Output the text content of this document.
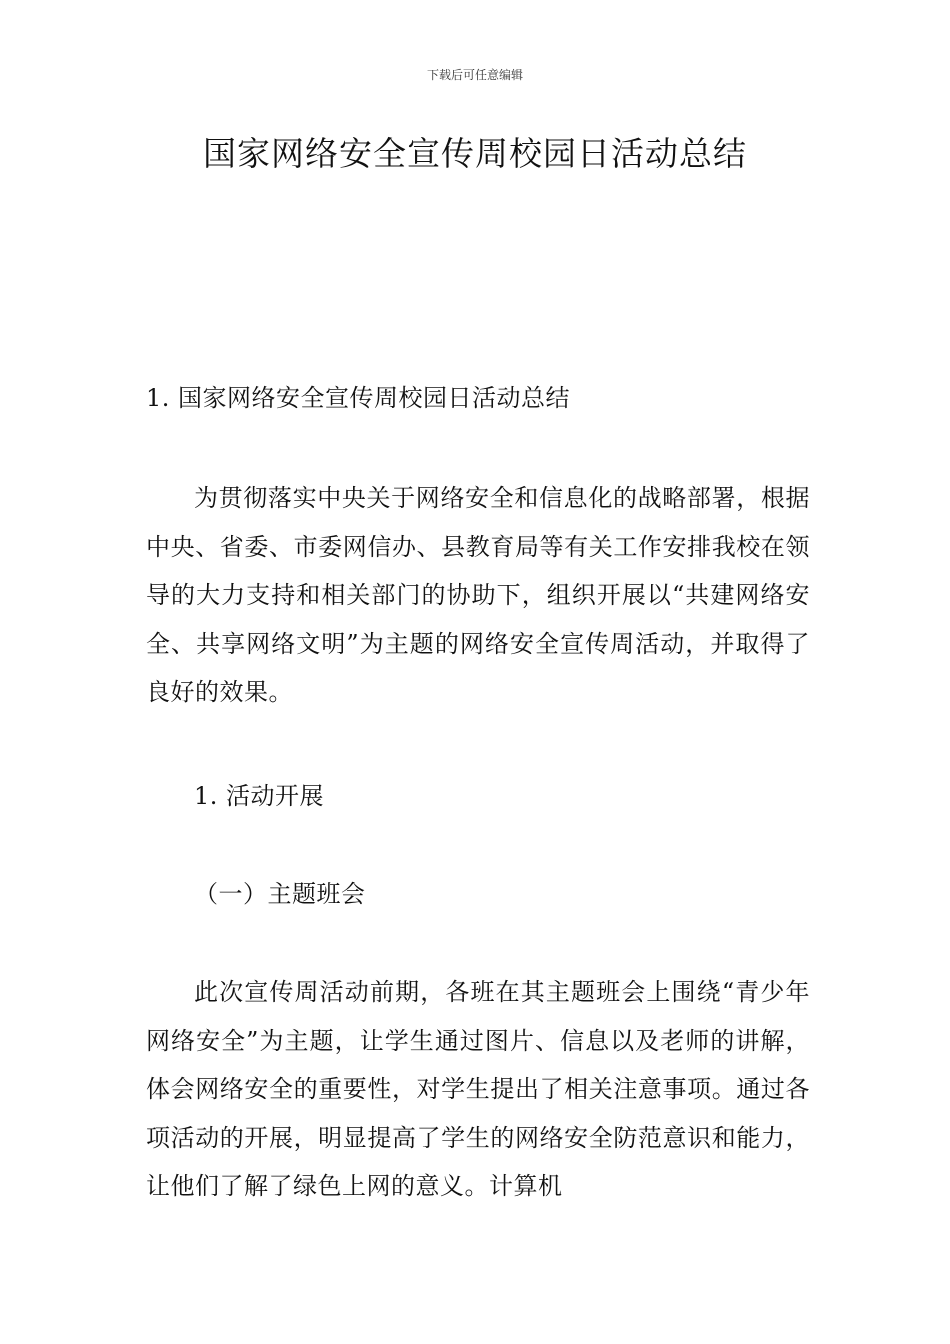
下载后可任意编辑
国家网络安全宣传周校园日活动总结

1. 国家网络安全宣传周校园日活动总结

为贯彻落实中央关于网络安全和信息化的战略部署，根据中央、省委、市委网信办、县教育局等有关工作安排我校在领导的大力支持和相关部门的协助下，组织开展以“共建网络安全、共享网络文明”为主题的网络安全宣传周活动，并取得了良好的效果。

1. 活动开展

（一）主题班会

此次宣传周活动前期，各班在其主题班会上围绕“青少年网络安全”为主题，让学生通过图片、信息以及老师的讲解，体会网络安全的重要性，对学生提出了相关注意事项。通过各项活动的开展，明显提高了学生的网络安全防范意识和能力，让他们了解了绿色上网的意义。计算机
